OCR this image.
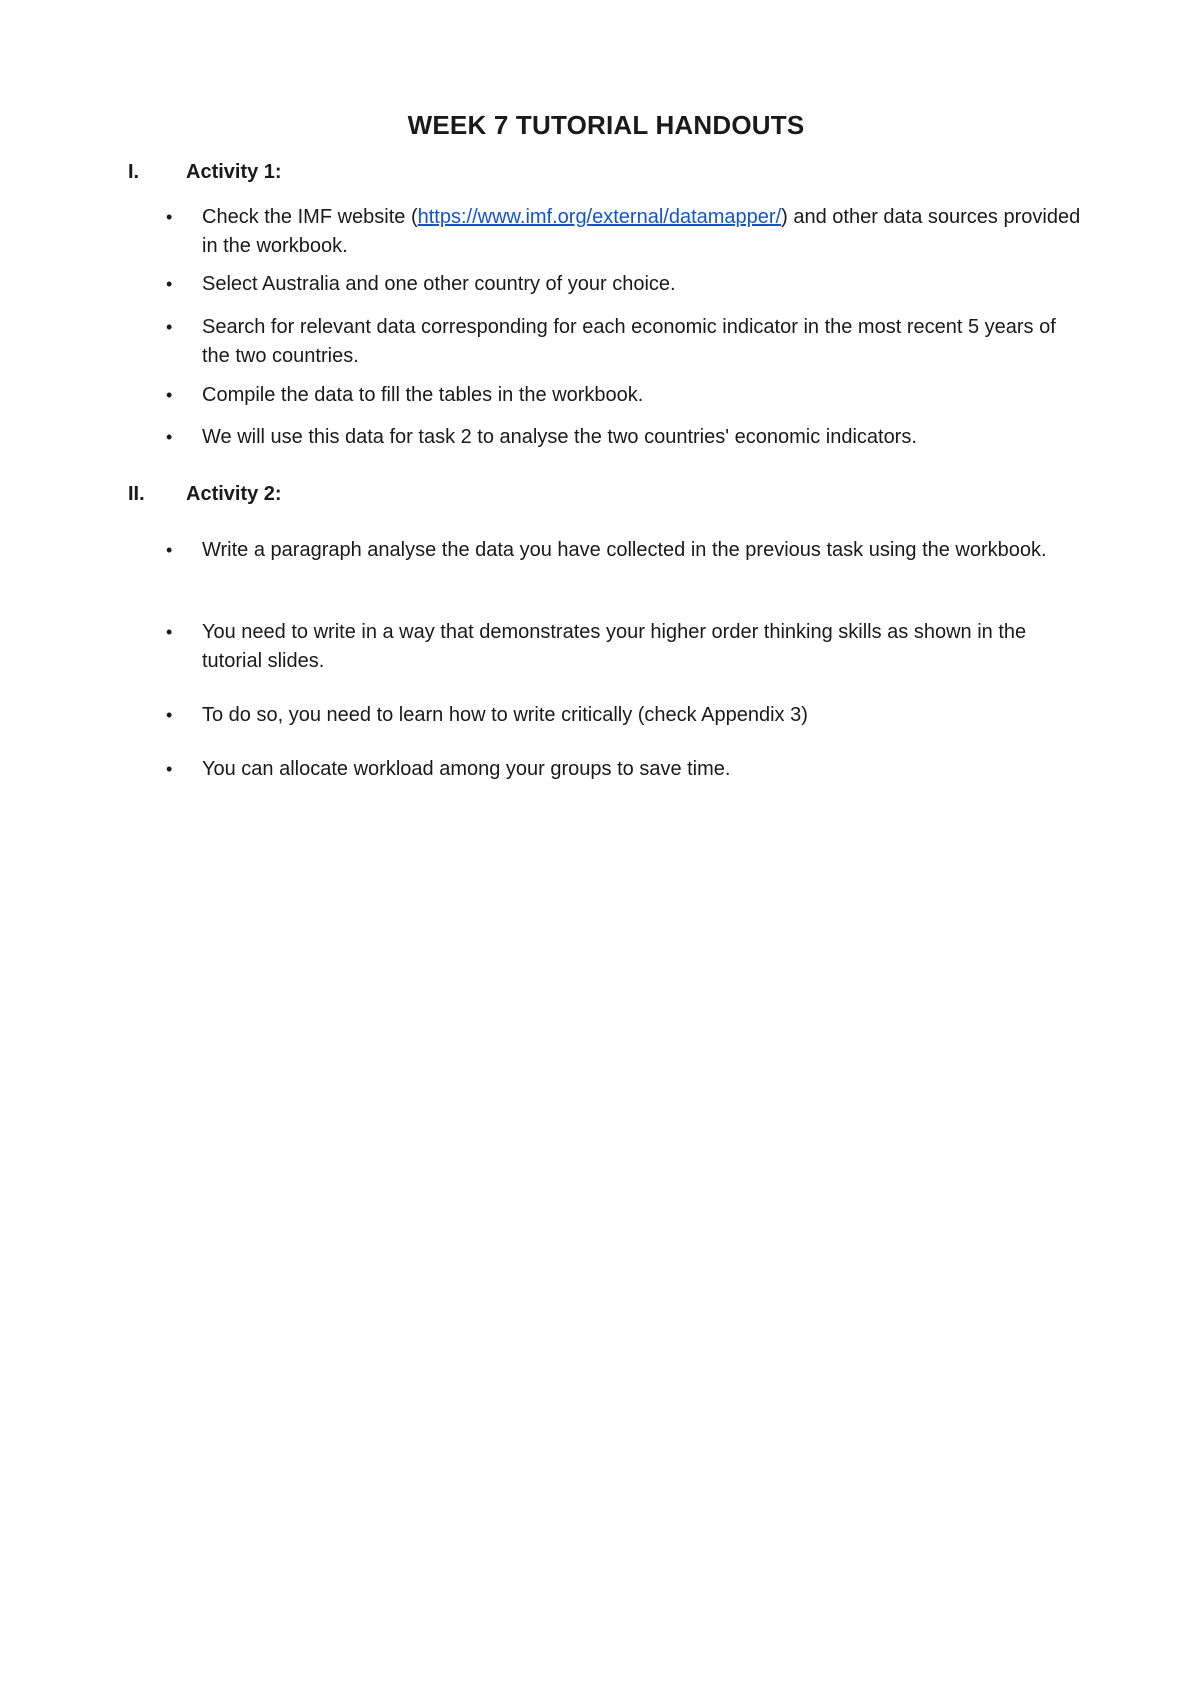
WEEK 7 TUTORIAL HANDOUTS
I. Activity 1:
• Check the IMF website (https://www.imf.org/external/datamapper/) and other data sources provided in the workbook.
• Select Australia and one other country of your choice.
• Search for relevant data corresponding for each economic indicator in the most recent 5 years of the two countries.
• Compile the data to fill the tables in the workbook.
• We will use this data for task 2 to analyse the two countries' economic indicators.
II. Activity 2:
• Write a paragraph analyse the data you have collected in the previous task using the workbook.
• You need to write in a way that demonstrates your higher order thinking skills as shown in the tutorial slides.
• To do so, you need to learn how to write critically (check Appendix 3)
• You can allocate workload among your groups to save time.
